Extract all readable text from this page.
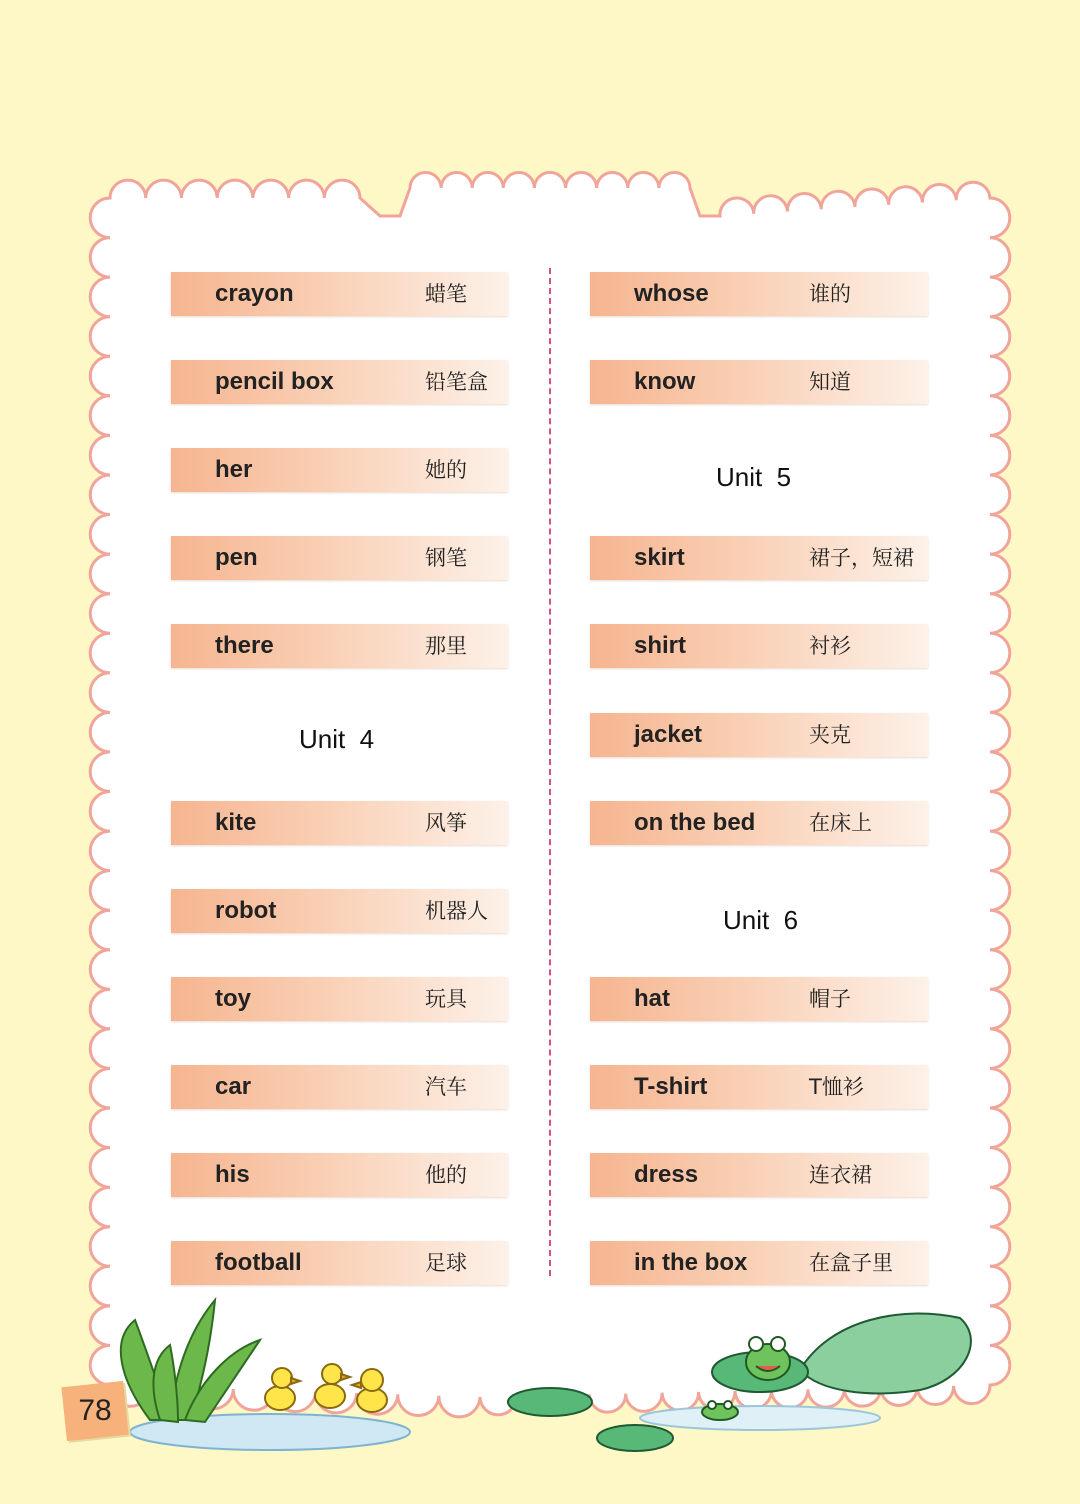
crayon	蜡笔
pencil box	铅笔盒
her	她的
pen	钢笔
there	那里
Unit  4
kite	风筝
robot	机器人
toy	玩具
car	汽车
his	他的
football	足球
whose	谁的
know	知道
Unit  5
skirt	裙子，短裙
shirt	衬衫
jacket	夹克
on the bed	在床上
Unit  6
hat	帽子
T-shirt	T恤衫
dress	连衣裙
in the box	在盒子里
78
